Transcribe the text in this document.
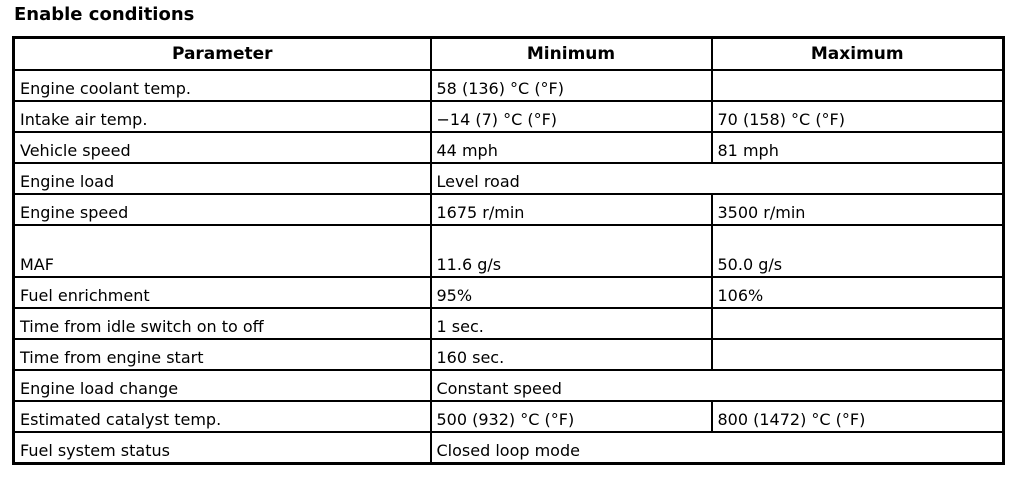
Enable conditions
Parameter	Minimum	Maximum
Engine coolant temp.	58 (136) °C (°F)	
Intake air temp.	−14 (7) °C (°F)	70 (158) °C (°F)
Vehicle speed	44 mph	81 mph
Engine load	Level road	
Engine speed	1675 r/min	3500 r/min
MAF	11.6 g/s	50.0 g/s
Fuel enrichment	95%	106%
Time from idle switch on to off	1 sec.	
Time from engine start	160 sec.	
Engine load change	Constant speed	
Estimated catalyst temp.	500 (932) °C (°F)	800 (1472) °C (°F)
Fuel system status	Closed loop mode	
